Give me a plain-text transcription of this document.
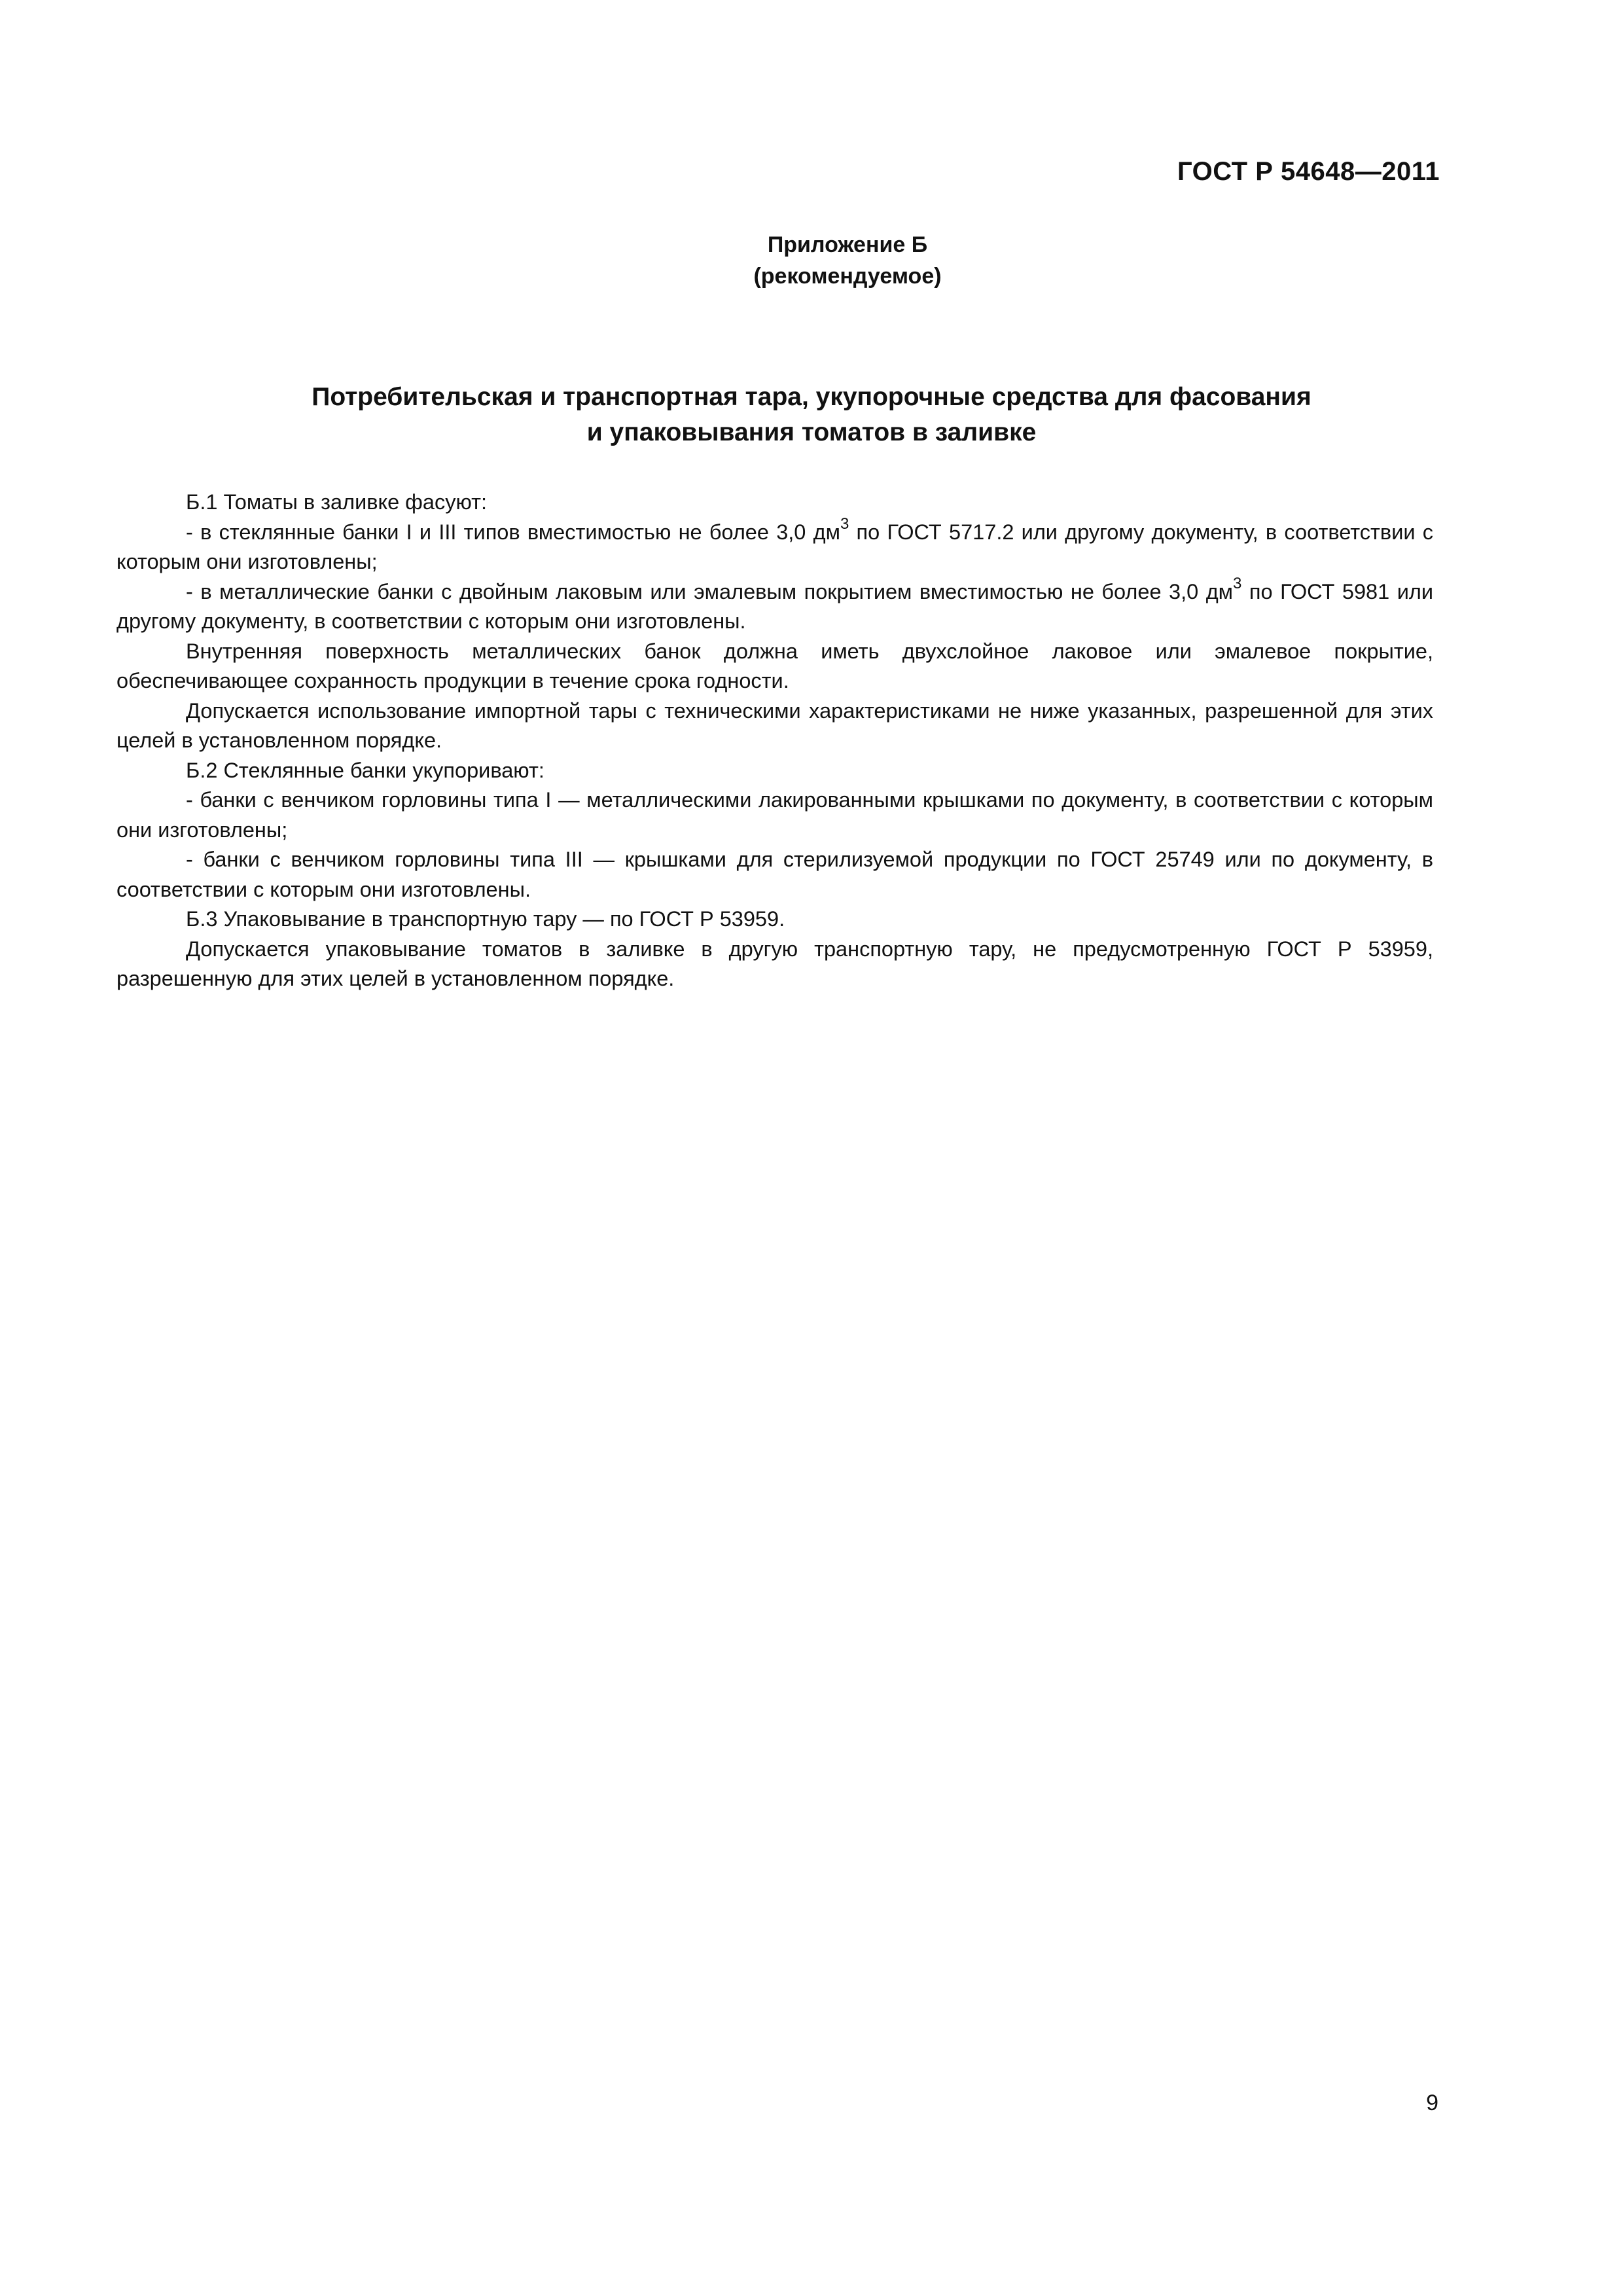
ГОСТ Р 54648—2011
Приложение Б
(рекомендуемое)
Потребительская и транспортная тара, укупорочные средства для фасования
и упаковывания томатов в заливке

Б.1 Томаты в заливке фасуют:

- в стеклянные банки I и III типов вместимостью не более 3,0 $дм^3$ по ГОСТ 5717.2 или другому документу, в соответствии с которым они изготовлены;

- в металлические банки с двойным лаковым или эмалевым покрытием вместимостью не более 3,0 $дм^3$ по ГОСТ 5981 или другому документу, в соответствии с которым они изготовлены.

Внутренняя поверхность металлических банок должна иметь двухслойное лаковое или эмалевое покрытие, обеспечивающее сохранность продукции в течение срока годности.

Допускается использование импортной тары с техническими характеристиками не ниже указанных, разрешенной для этих целей в установленном порядке.

Б.2 Стеклянные банки укупоривают:

- банки с венчиком горловины типа I — металлическими лакированными крышками по документу, в соответствии с которым они изготовлены;

- банки с венчиком горловины типа III — крышками для стерилизуемой продукции по ГОСТ 25749 или по документу, в соответствии с которым они изготовлены.

Б.3 Упаковывание в транспортную тару — по ГОСТ Р 53959.

Допускается упаковывание томатов в заливке в другую транспортную тару, не предусмотренную ГОСТ Р 53959, разрешенную для этих целей в установленном порядке.

9
